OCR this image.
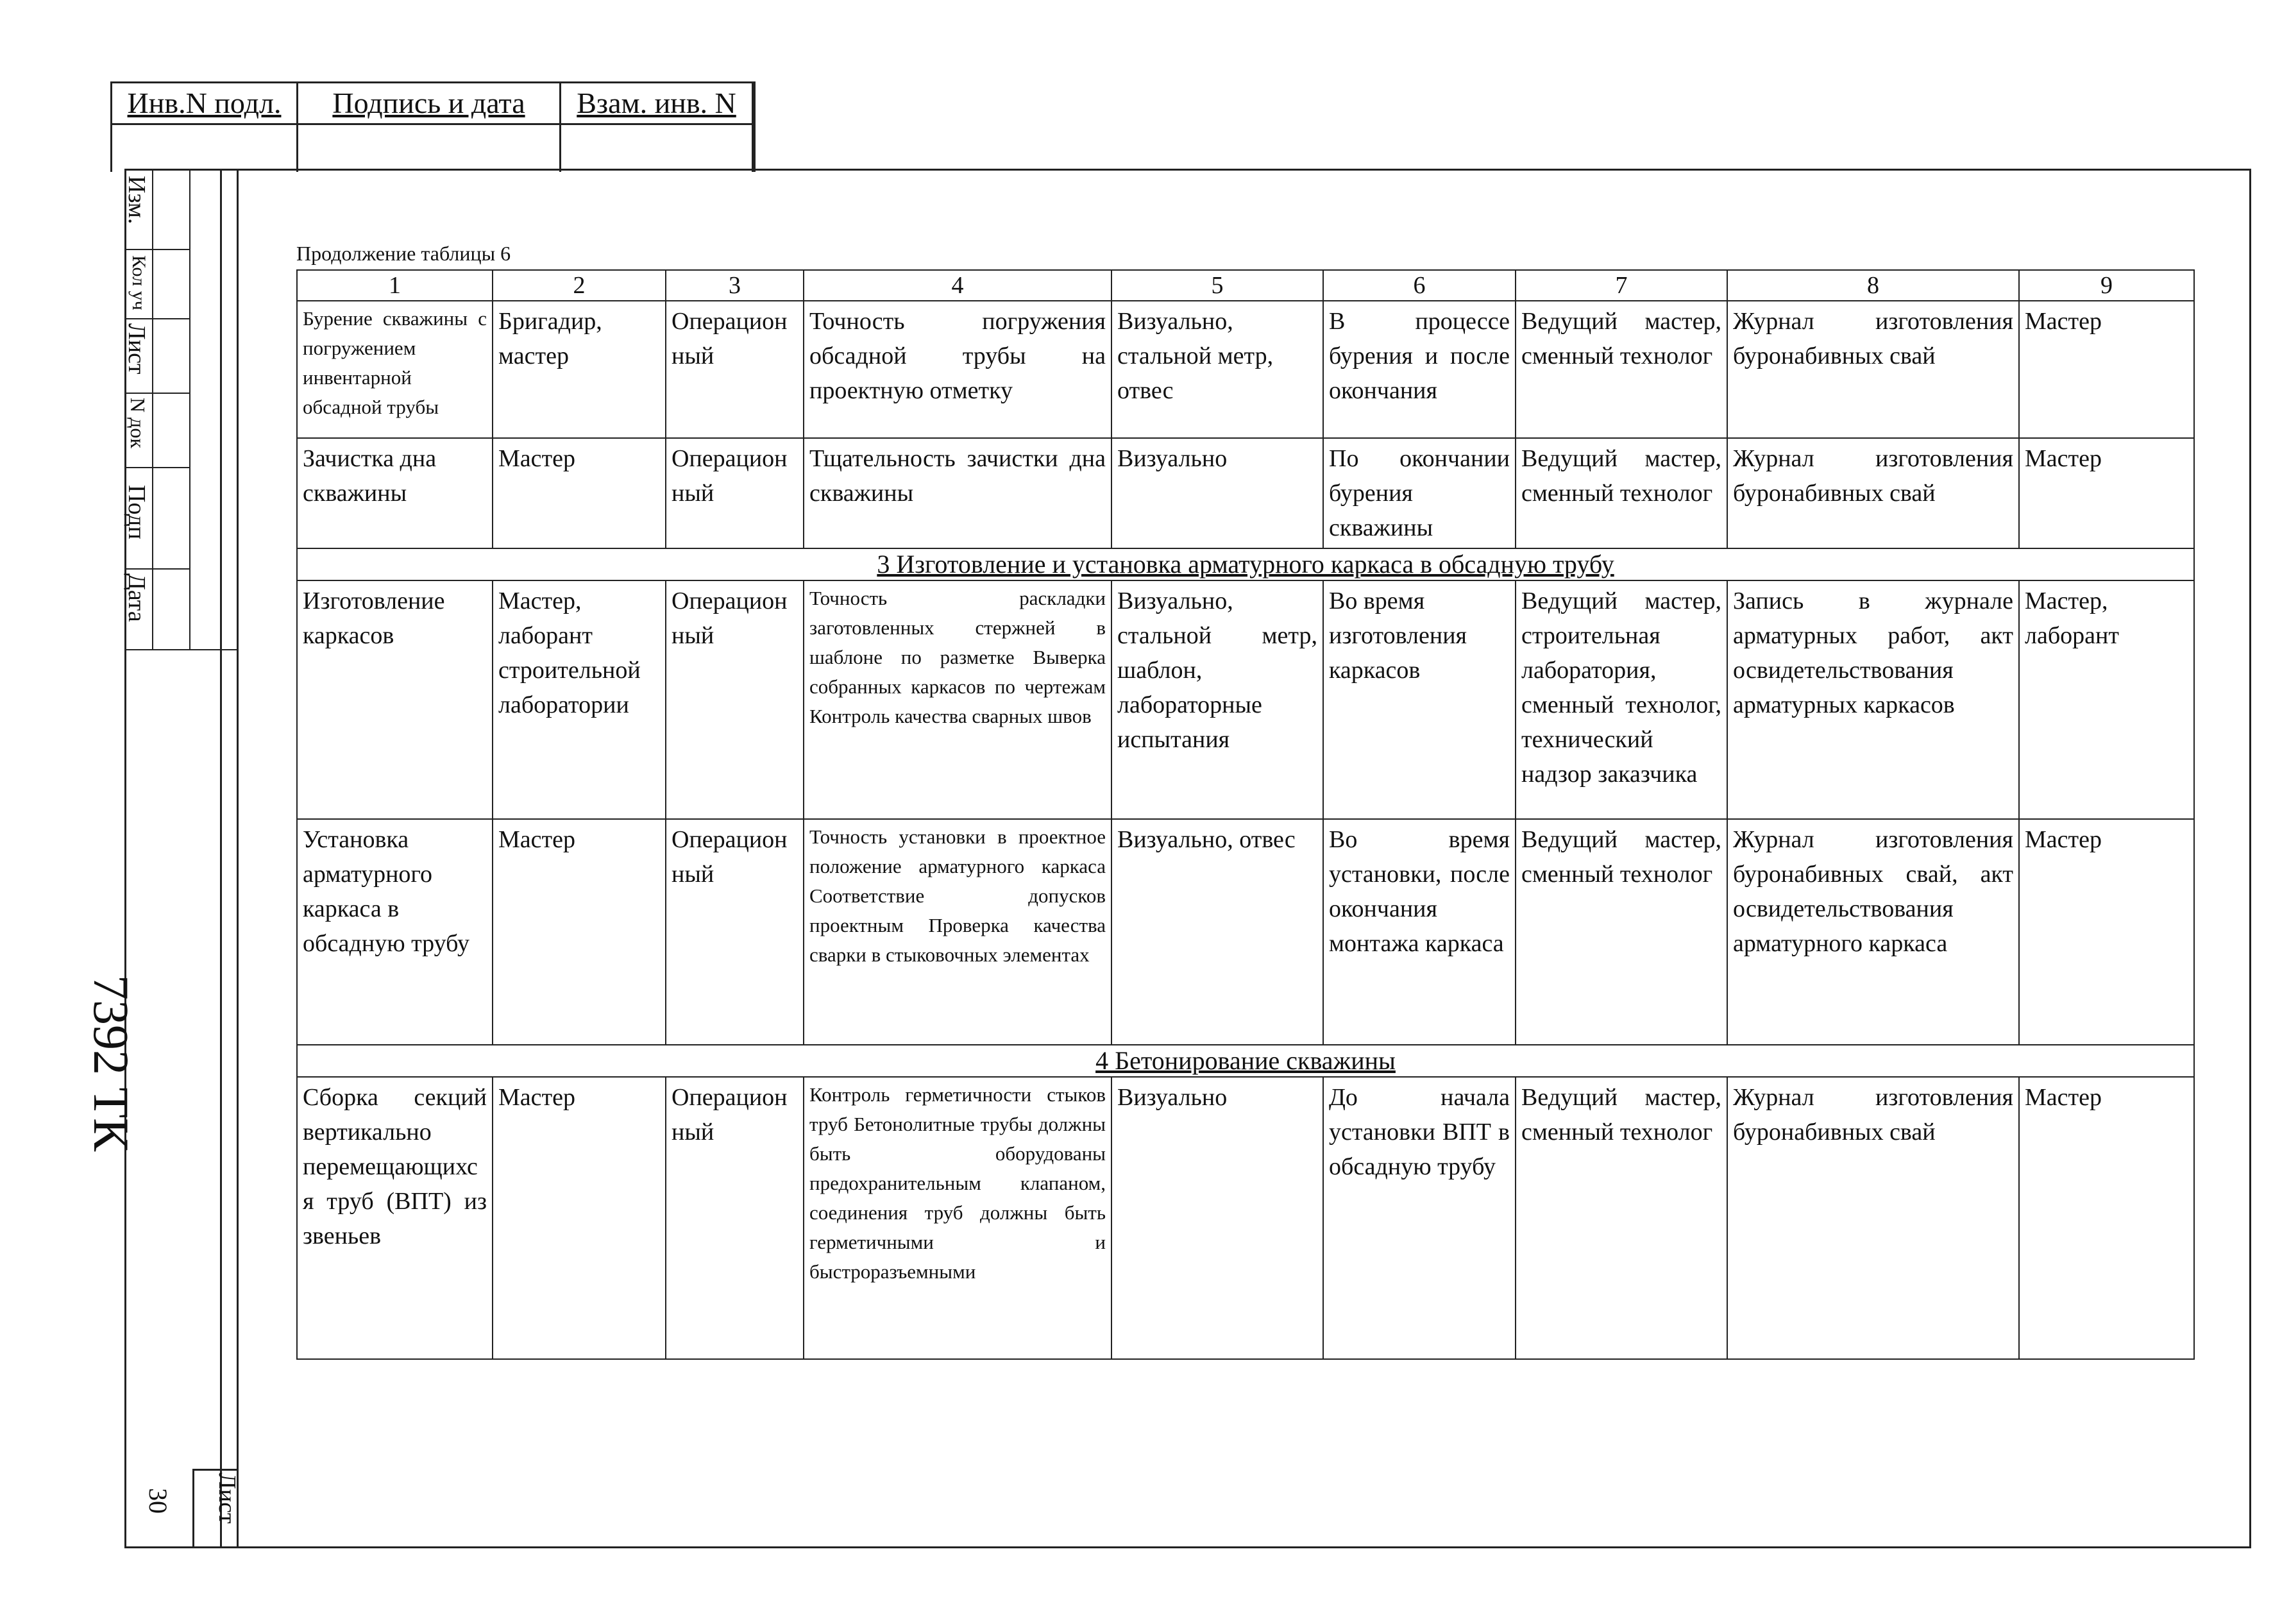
Инв.N подл.	Подпись и дата	Взам. инв. N
Изм.
Кол уч
Лист
N док
Подп
Дата
7392 ТК
Лист
30
Продолжение таблицы 6
1	2	3	4	5	6	7	8	9
Бурение скважины с погружением инвентарной обсадной трубы	Бригадир, мастер	Операционный	Точность погружения обсадной трубы на проектную отметку	Визуально, стальной метр, отвес	В процессе бурения и после окончания	Ведущий мастер, сменный технолог	Журнал изготовления буронабивных свай	Мастер
Зачистка дна скважины	Мастер	Операционный	Тщательность зачистки дна скважины	Визуально	По окончании бурения скважины	Ведущий мастер, сменный технолог	Журнал изготовления буронабивных свай	Мастер
3 Изготовление и установка арматурного каркаса в обсадную трубу								
Изготовление каркасов	Мастер, лаборант строительной лаборатории	Операционный	Точность раскладки заготовленных стержней в шаблоне по разметке Выверка собранных каркасов по чертежам Контроль качества сварных швов	Визуально, стальной метр, шаблон, лабораторные испытания	Во время изготовления каркасов	Ведущий мастер, строительная лаборатория, сменный технолог, технический надзор заказчика	Запись в журнале арматурных работ, акт освидетельствования арматурных каркасов	Мастер, лаборант
Установка арматурного каркаса в обсадную трубу	Мастер	Операционный	Точность установки в проектное положение арматурного каркаса Соответствие допусков проектным Проверка качества сварки в стыковочных элементах	Визуально, отвес	Во время установки, после окончания монтажа каркаса	Ведущий мастер, сменный технолог	Журнал изготовления буронабивных свай, акт освидетельствования арматурного каркаса	Мастер
4 Бетонирование скважины								
Сборка секций вертикально перемещающихся труб (ВПТ) из звеньев	Мастер	Операционный	Контроль герметичности стыков труб Бетонолитные трубы должны быть оборудованы предохранительным клапаном, соединения труб должны быть герметичными и быстроразъемными	Визуально	До начала установки ВПТ в обсадную трубу	Ведущий мастер, сменный технолог	Журнал изготовления буронабивных свай	Мастер
